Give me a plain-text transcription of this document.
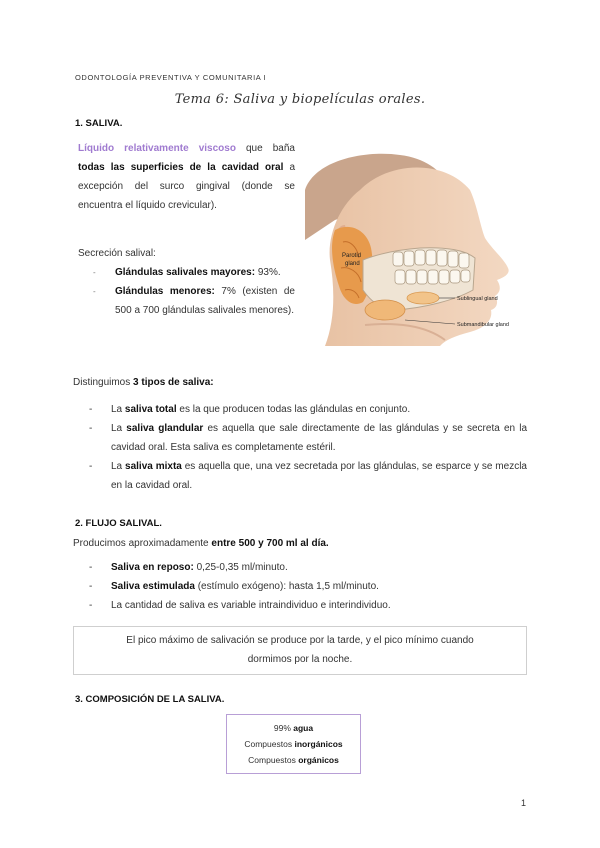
ODONTOLOGÍA PREVENTIVA Y COMUNITARIA I
Tema 6: Saliva y biopelículas orales.
1. SALIVA.

Líquido relativamente viscoso que baña todas las superficies de la cavidad oral a excepción del surco gingival (donde se encuentra el líquido crevicular).

Secreción salival:

- Glándulas salivales mayores: 93%.
- Glándulas menores: 7% (existen de 500 a 700 glándulas salivales menores).
Parotid
gland
Sublingual gland
Submandibular gland

Distinguimos 3 tipos de saliva:

- La saliva total es la que producen todas las glándulas en conjunto.
- La saliva glandular es aquella que sale directamente de las glándulas y se secreta en la cavidad oral. Esta saliva es completamente estéril.
- La saliva mixta es aquella que, una vez secretada por las glándulas, se esparce y se mezcla en la cavidad oral.
2. FLUJO SALIVAL.

Producimos aproximadamente entre 500 y 700 ml al día.

- Saliva en reposo: 0,25-0,35 ml/minuto.
- Saliva estimulada (estímulo exógeno): hasta 1,5 ml/minuto.
- La cantidad de saliva es variable intraindividuo e interindividuo.
El pico máximo de salivación se produce por la tarde, y el pico mínimo cuando
dormimos por la noche.
3. COMPOSICIÓN DE LA SALIVA.
99% agua
Compuestos inorgánicos
Compuestos orgánicos
1
